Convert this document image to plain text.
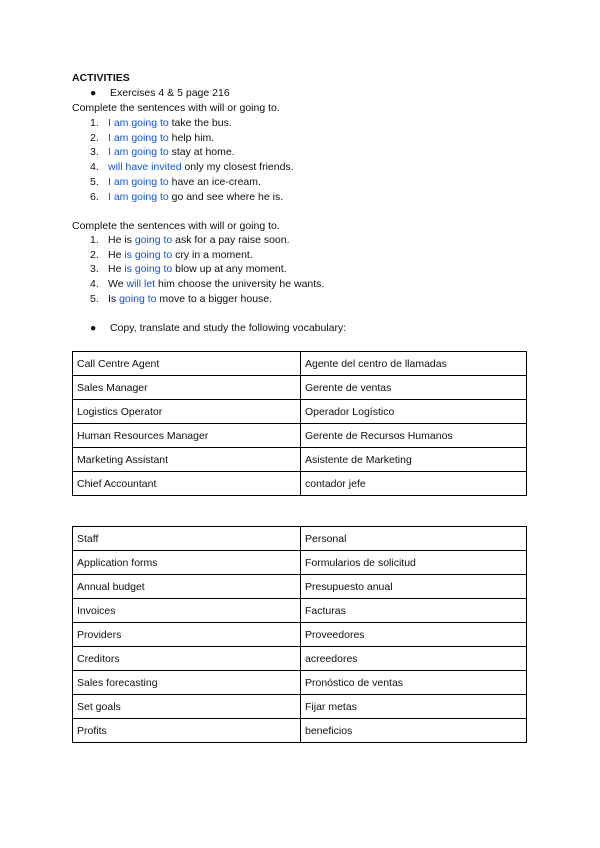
ACTIVITIES
● Exercises 4 & 5 page 216
Complete the sentences with will or going to.
1. I am going to take the bus.
2. I am going to help him.
3. I am going to stay at home.
4. will have invited only my closest friends.
5. I am going to have an ice-cream.
6. I am going to go and see where he is.
Complete the sentences with will or going to.
1. He is going to ask for a pay raise soon.
2. He is going to cry in a moment.
3. He is going to blow up at any moment.
4. We will let him choose the university he wants.
5. Is going to move to a bigger house.
● Copy, translate and study the following vocabulary:
Call Centre Agent	Agente del centro de llamadas
Sales Manager	Gerente de ventas
Logistics Operator	Operador Logístico
Human Resources Manager	Gerente de Recursos Humanos
Marketing Assistant	Asistente de Marketing
Chief Accountant	contador jefe
Staff	Personal
Application forms	Formularios de solicitud
Annual budget	Presupuesto anual
Invoices	Facturas
Providers	Proveedores
Creditors	acreedores
Sales forecasting	Pronóstico de ventas
Set goals	Fijar metas
Profits	beneficios
